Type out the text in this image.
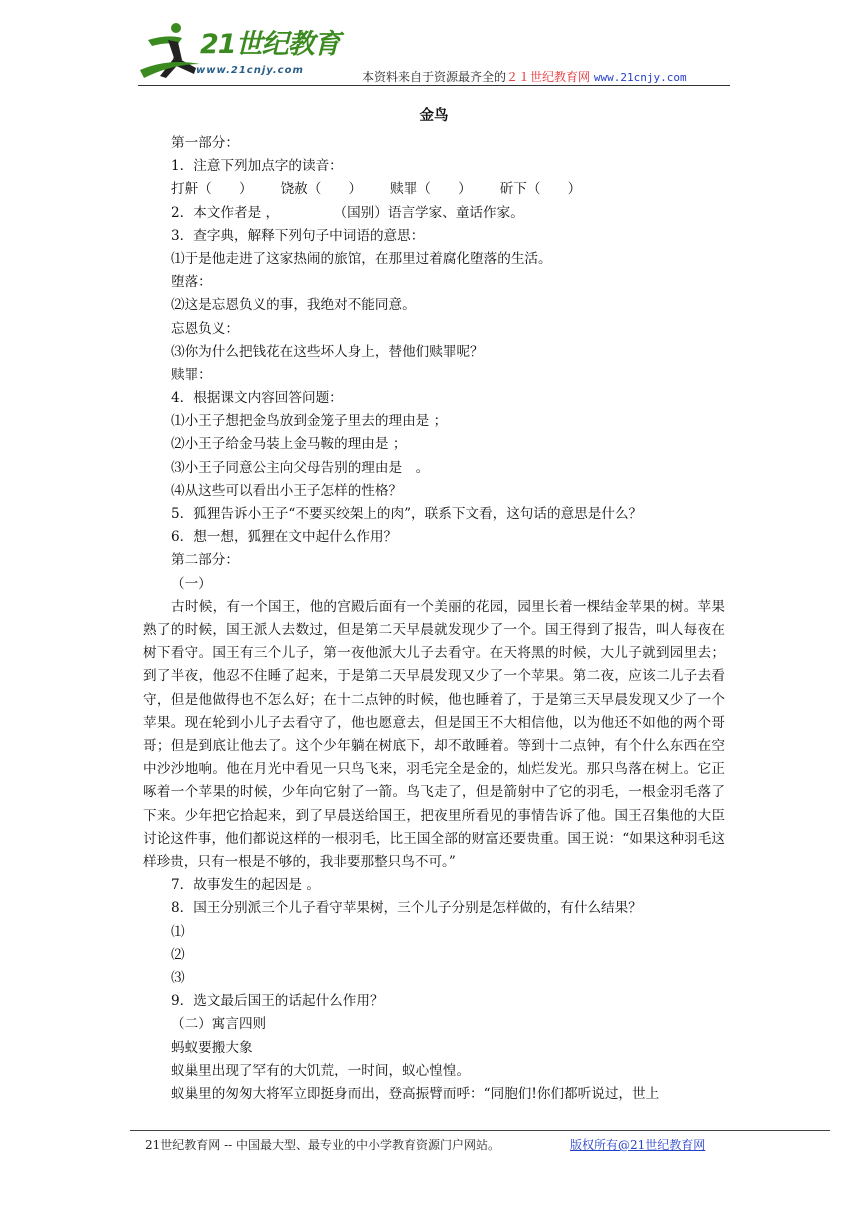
21世纪教育
www.21cnjy.com	本资料来自于资源最齐全的２１世纪教育网 www.21cnjy.com
金鸟
第一部分：
1．注意下列加点字的读音：
打鼾（　　） 饶赦（　　） 赎罪（　　） 斫下（　　）
2．本文作者是 ，　　　　　（国别）语言学家、童话作家。
3．查字典，解释下列句子中词语的意思：
⑴于是他走进了这家热闹的旅馆，在那里过着腐化堕落的生活。
堕落：
⑵这是忘恩负义的事，我绝对不能同意。
忘恩负义：
⑶你为什么把钱花在这些坏人身上，替他们赎罪呢？
赎罪：
4．根据课文内容回答问题：
⑴小王子想把金鸟放到金笼子里去的理由是 ；
⑵小王子给金马装上金马鞍的理由是 ；
⑶小王子同意公主向父母告别的理由是　。
⑷从这些可以看出小王子怎样的性格？
5．狐狸告诉小王子“不要买绞架上的肉”，联系下文看，这句话的意思是什么？
6．想一想，狐狸在文中起什么作用？
第二部分：
（一）

古时候，有一个国王，他的宫殿后面有一个美丽的花园，园里长着一棵结金苹果的树。苹果熟了的时候，国王派人去数过，但是第二天早晨就发现少了一个。国王得到了报告，叫人每夜在树下看守。国王有三个儿子，第一夜他派大儿子去看守。在天将黑的时候，大儿子就到园里去；到了半夜，他忍不住睡了起来，于是第二天早晨发现又少了一个苹果。第二夜，应该二儿子去看守，但是他做得也不怎么好；在十二点钟的时候，他也睡着了，于是第三天早晨发现又少了一个苹果。现在轮到小儿子去看守了，他也愿意去，但是国王不大相信他，以为他还不如他的两个哥哥；但是到底让他去了。这个少年躺在树底下，却不敢睡着。等到十二点钟，有个什么东西在空中沙沙地响。他在月光中看见一只鸟飞来，羽毛完全是金的，灿烂发光。那只鸟落在树上。它正啄着一个苹果的时候，少年向它射了一箭。鸟飞走了，但是箭射中了它的羽毛，一根金羽毛落了下来。少年把它拾起来，到了早晨送给国王，把夜里所看见的事情告诉了他。国王召集他的大臣讨论这件事，他们都说这样的一根羽毛，比王国全部的财富还要贵重。国王说：“如果这种羽毛这样珍贵，只有一根是不够的，我非要那整只鸟不可。”

7．故事发生的起因是 。
8．国王分别派三个儿子看守苹果树，三个儿子分别是怎样做的，有什么结果？
⑴
⑵
⑶
9．选文最后国王的话起什么作用？
（二）寓言四则
蚂蚁要搬大象
蚁巢里出现了罕有的大饥荒，一时间，蚁心惶惶。
蚁巢里的匆匆大将军立即挺身而出，登高振臂而呼：“同胞们!你们都听说过，世上
21世纪教育网 -- 中国最大型、最专业的中小学教育资源门户网站。	版权所有@21世纪教育网
